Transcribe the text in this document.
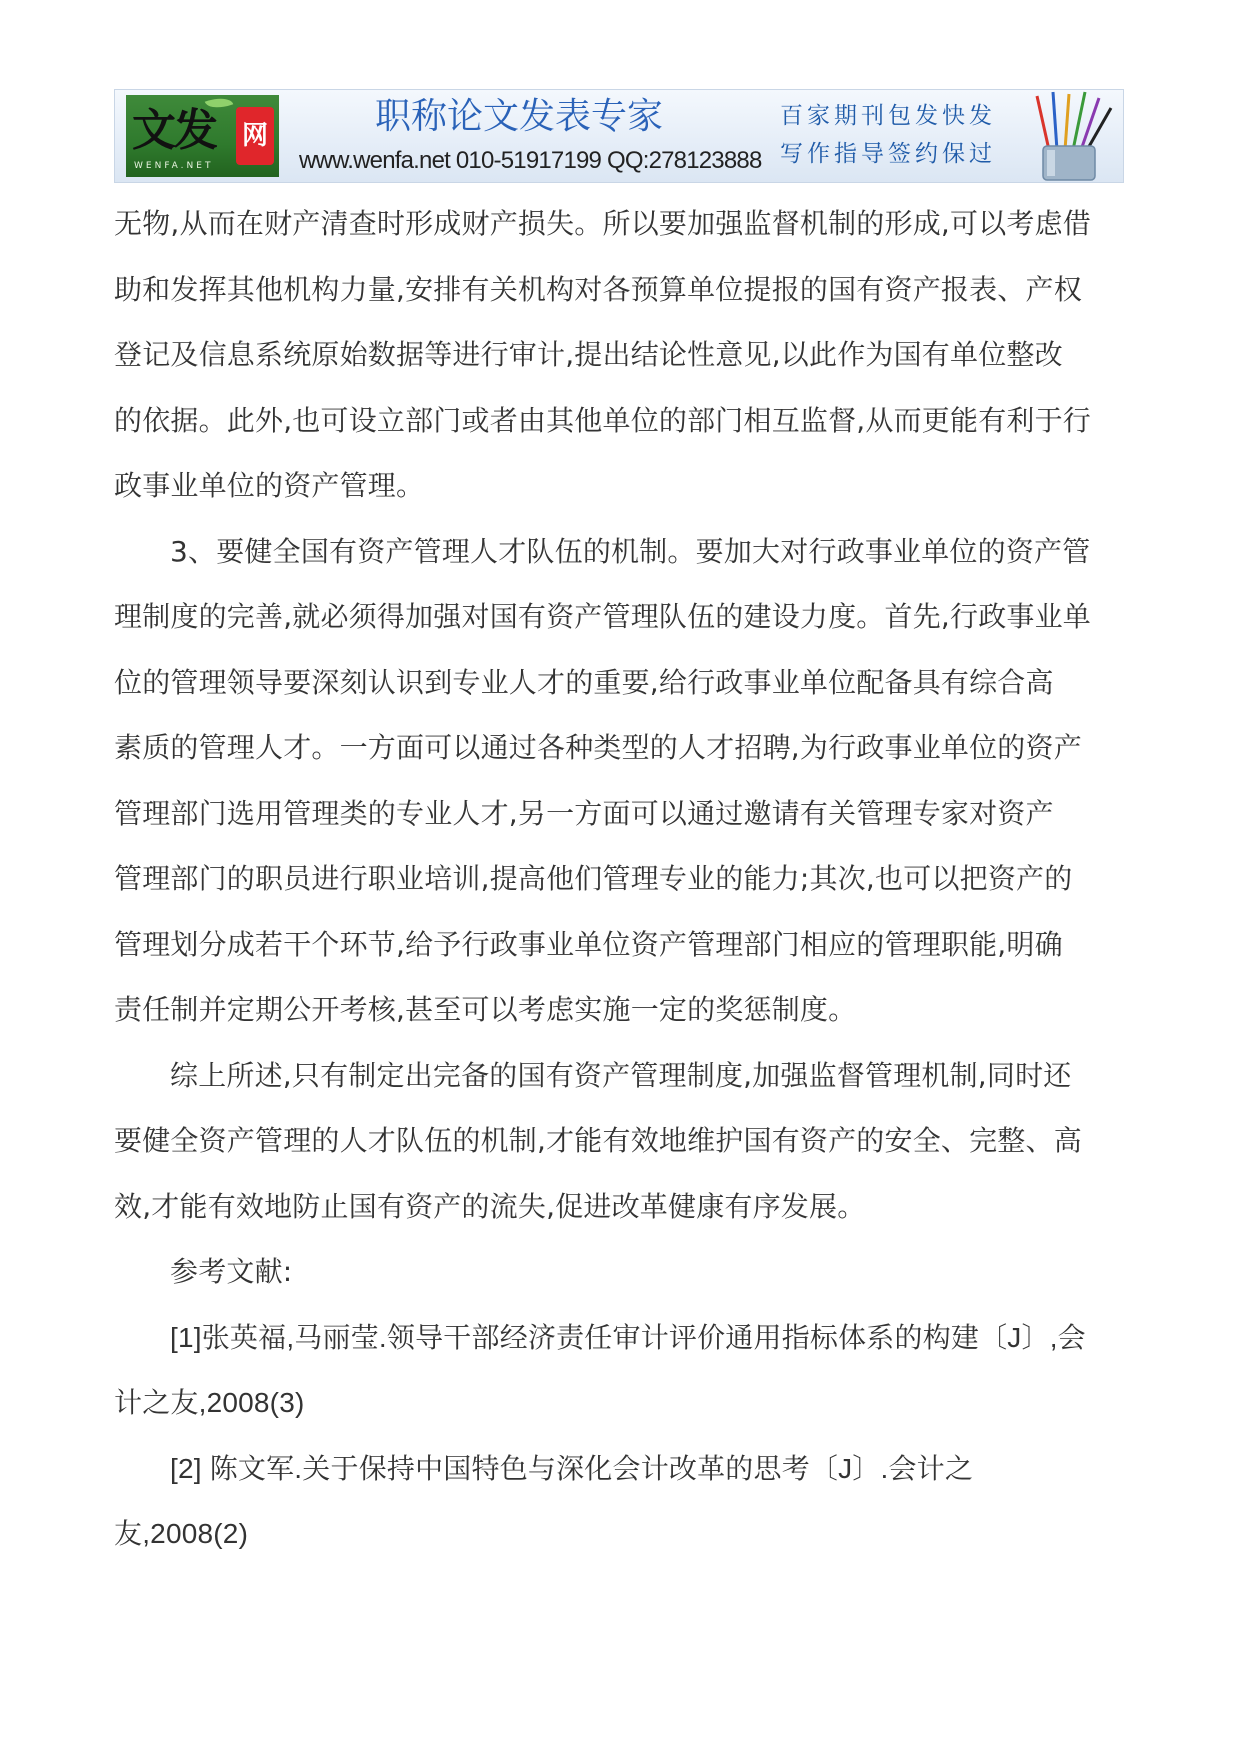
文发 网
WENFA.NET
职称论文发表专家
www.wenfa.net 010-51917199 QQ:278123888
百家期刊包发快发
写作指导签约保过
无物,从而在财产清查时形成财产损失。所以要加强监督机制的形成,可以考虑借
助和发挥其他机构力量,安排有关机构对各预算单位提报的国有资产报表、产权
登记及信息系统原始数据等进行审计,提出结论性意见,以此作为国有单位整改
的依据。此外,也可设立部门或者由其他单位的部门相互监督,从而更能有利于行
政事业单位的资产管理。
3、要健全国有资产管理人才队伍的机制。要加大对行政事业单位的资产管
理制度的完善,就必须得加强对国有资产管理队伍的建设力度。首先,行政事业单
位的管理领导要深刻认识到专业人才的重要,给行政事业单位配备具有综合高
素质的管理人才。一方面可以通过各种类型的人才招聘,为行政事业单位的资产
管理部门选用管理类的专业人才,另一方面可以通过邀请有关管理专家对资产
管理部门的职员进行职业培训,提高他们管理专业的能力;其次,也可以把资产的
管理划分成若干个环节,给予行政事业单位资产管理部门相应的管理职能,明确
责任制并定期公开考核,甚至可以考虑实施一定的奖惩制度。
综上所述,只有制定出完备的国有资产管理制度,加强监督管理机制,同时还
要健全资产管理的人才队伍的机制,才能有效地维护国有资产的安全、完整、高
效,才能有效地防止国有资产的流失,促进改革健康有序发展。
参考文献:
[1]张英福,马丽莹.领导干部经济责任审计评价通用指标体系的构建〔J〕,会
计之友,2008(3)
[2] 陈文军.关于保持中国特色与深化会计改革的思考〔J〕.会计之
友,2008(2)
